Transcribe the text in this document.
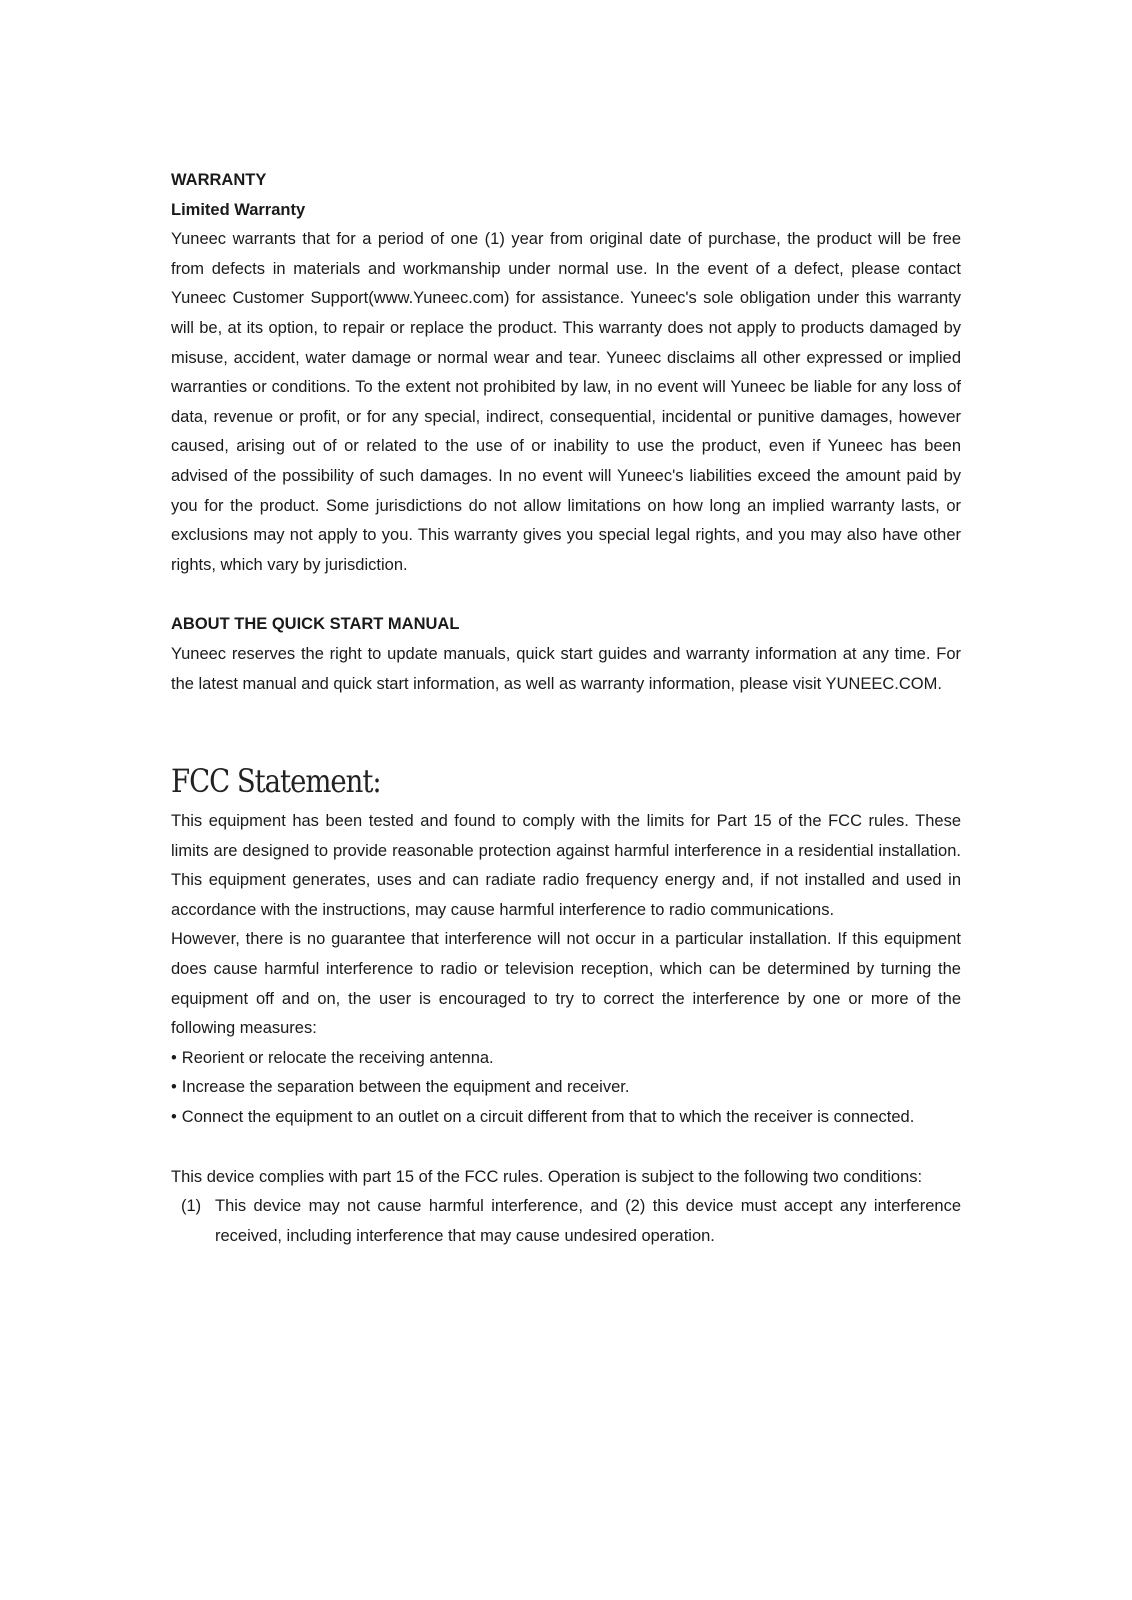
WARRANTY

Limited Warranty

Yuneec warrants that for a period of one (1) year from original date of purchase, the product will be free from defects in materials and workmanship under normal use. In the event of a defect, please contact Yuneec Customer Support(www.Yuneec.com) for assistance. Yuneec's sole obligation under this warranty will be, at its option, to repair or replace the product. This warranty does not apply to products damaged by misuse, accident, water damage or normal wear and tear. Yuneec disclaims all other expressed or implied warranties or conditions. To the extent not prohibited by law, in no event will Yuneec be liable for any loss of data, revenue or profit, or for any special, indirect, consequential, incidental or punitive damages, however caused, arising out of or related to the use of or inability to use the product, even if Yuneec has been advised of the possibility of such damages. In no event will Yuneec's liabilities exceed the amount paid by you for the product. Some jurisdictions do not allow limitations on how long an implied warranty lasts, or exclusions may not apply to you. This warranty gives you special legal rights, and you may also have other rights, which vary by jurisdiction.

ABOUT THE QUICK START MANUAL

Yuneec reserves the right to update manuals, quick start guides and warranty information at any time. For the latest manual and quick start information, as well as warranty information, please visit YUNEEC.COM.

FCC Statement:

This equipment has been tested and found to comply with the limits for Part 15 of the FCC rules. These limits are designed to provide reasonable protection against harmful interference in a residential installation. This equipment generates, uses and can radiate radio frequency energy and, if not installed and used in accordance with the instructions, may cause harmful interference to radio communications.

However, there is no guarantee that interference will not occur in a particular installation. If this equipment does cause harmful interference to radio or television reception, which can be determined by turning the equipment off and on, the user is encouraged to try to correct the interference by one or more of the following measures:

• Reorient or relocate the receiving antenna.

• Increase the separation between the equipment and receiver.

• Connect the equipment to an outlet on a circuit different from that to which the receiver is connected.

This device complies with part 15 of the FCC rules. Operation is subject to the following two conditions:

(1) This device may not cause harmful interference, and (2) this device must accept any interference received, including interference that may cause undesired operation.
